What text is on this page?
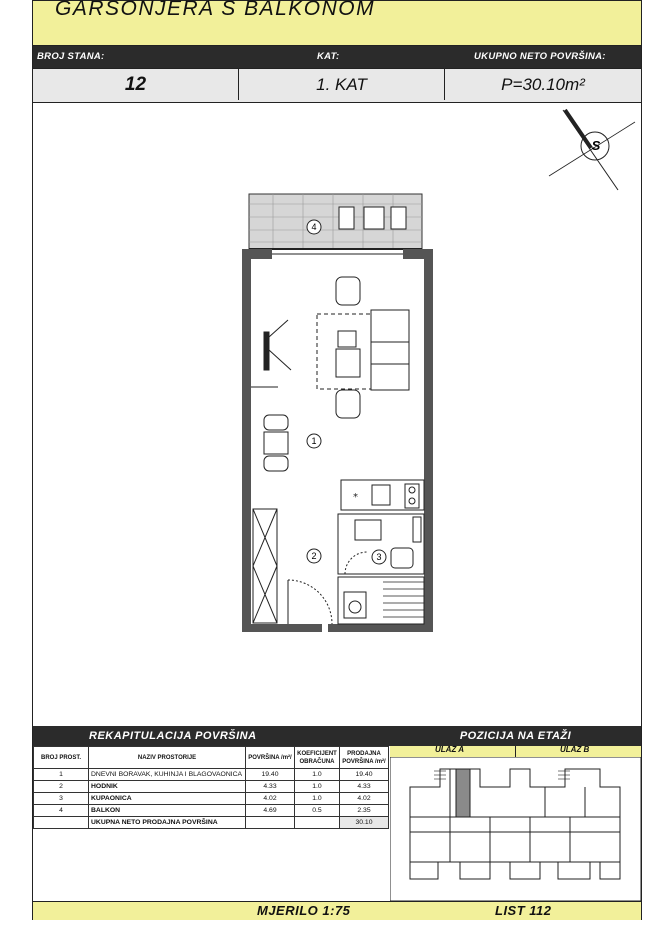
GARSONJERA S BALKONOM
BROJ STANA:	KAT:	UKUPNO NETO POVRŠINA:
12	1. KAT	P=30.10m²
S
*
4
1
2	3
REKAPITULACIJA POVRŠINA	POZICIJA NA ETAŽI
BROJ PROST.	NAZIV PROSTORIJE	POVRŠINA /m²/	KOEFICIJENT OBRAČUNA	PRODAJNA POVRŠINA /m²/
1	DNEVNI BORAVAK, KUHINJA I BLAGOVAONICA	19.40	1.0	19.40
2	HODNIK	4.33	1.0	4.33
3	KUPAONICA	4.02	1.0	4.02
4	BALKON	4.69	0.5	2.35
	UKUPNA NETO PRODAJNA POVRŠINA			30.10
ULAZ A	ULAZ B
MJERILO 1:75	LIST 112
